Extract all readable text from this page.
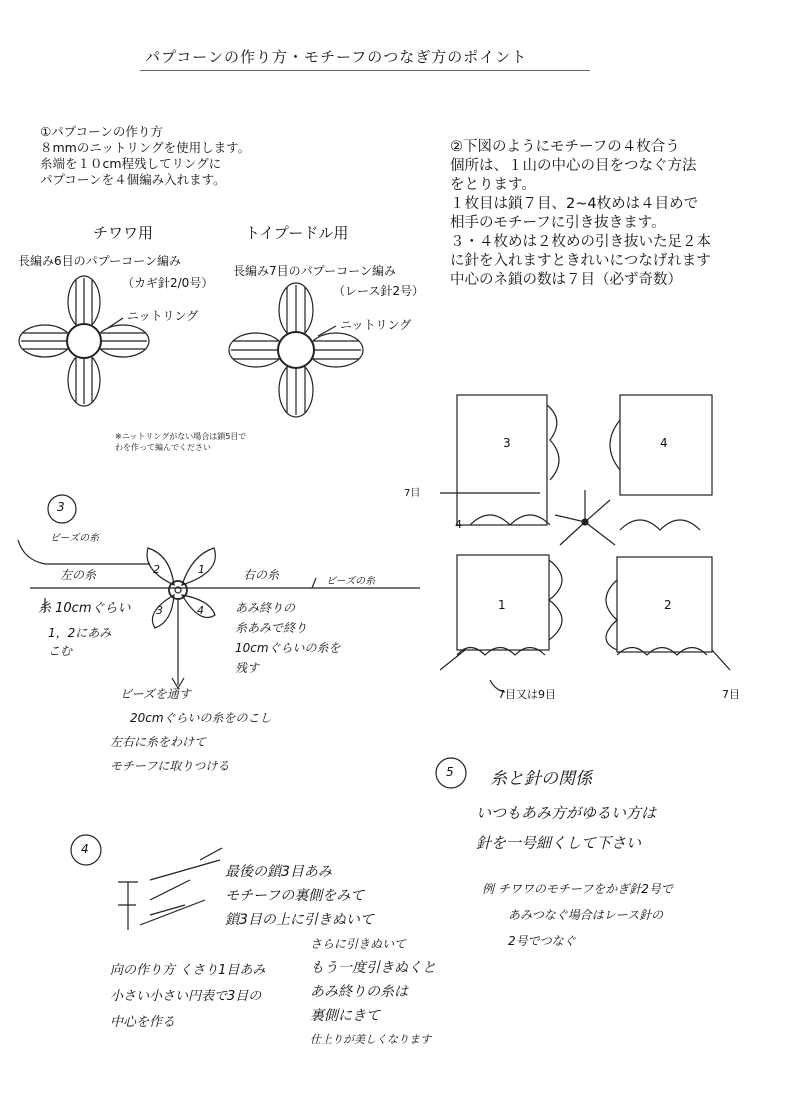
パプコーンの作り方・モチーフのつなぎ方のポイント
①パプコーンの作り方
８mmのニットリングを使用します。
糸端を１０cm程残してリングに
パプコーンを４個編み入れます。
チワワ用
長編み6目のパプーコーン編み
（カギ針2/0号）
ニットリング
トイプードル用
長編み7目のパプーコーン編み
（レース針2号）
ニットリング
※ニットリングがない場合は鎖5目で
わを作って編んでください
②下図のようにモチーフの４枚合う
個所は、１山の中心の目をつなぐ方法
をとります。
１枚目は鎖７目、2~4枚めは４目めで
相手のモチーフに引き抜きます。
３・４枚めは２枚めの引き抜いた足２本
に針を入れますときれいにつなげれます
中心のネ鎖の数は７目（必ず奇数）
3	4
1	2
7目
7目又は9目	7目
4
3
ビーズの糸
左の糸	右の糸	ビーズの糸
糸 10cmぐらい
1，2にあみ
こむ
1
2
3	4	あみ終りの
糸あみで終り
10cmぐらいの糸を
残す
ビーズを通す
20cmぐらいの糸をのこし
左右に糸をわけて
モチーフに取りつける
4
最後の鎖3目あみ
モチーフの裏側をみて
鎖3目の上に引きぬいて
さらに引きぬいて
もう一度引きぬくと
あみ終りの糸は
裏側にきて
仕上りが美しくなります
向の作り方 くさり1目あみ
小さい小さい円表で3目の
中心を作る
5 糸と針の関係
いつもあみ方がゆるい方は
針を一号細くして下さい
例 チワワのモチーフをかぎ針2号で
あみつなぐ場合はレース針の
2号でつなぐ
